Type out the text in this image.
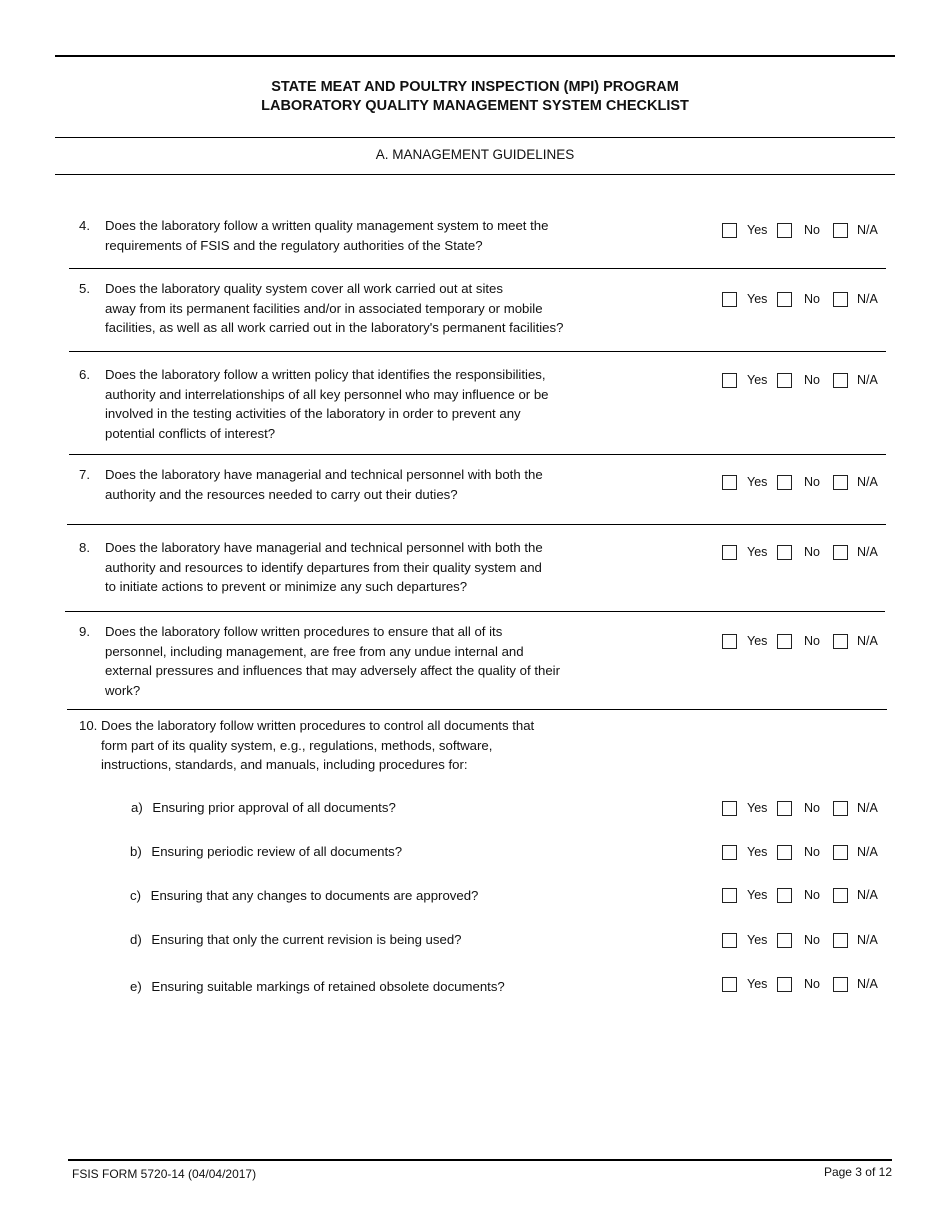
STATE MEAT AND POULTRY INSPECTION (MPI) PROGRAM
LABORATORY QUALITY MANAGEMENT SYSTEM CHECKLIST
A. MANAGEMENT GUIDELINES
4. Does the laboratory follow a written quality management system to meet the
requirements of FSIS and the regulatory authorities of the State?
Yes	No	N/A
5. Does the laboratory quality system cover all work carried out at sites
away from its permanent facilities and/or in associated temporary or mobile
facilities, as well as all work carried out in the laboratory's permanent facilities?
Yes	No	N/A
6. Does the laboratory follow a written policy that identifies the responsibilities,
authority and interrelationships of all key personnel who may influence or be
involved in the testing activities of the laboratory in order to prevent any
potential conflicts of interest?
Yes	No	N/A
7. Does the laboratory have managerial and technical personnel with both the
authority and the resources needed to carry out their duties?
Yes	No	N/A
8. Does the laboratory have managerial and technical personnel with both the
authority and resources to identify departures from their quality system and
to initiate actions to prevent or minimize any such departures?
Yes	No	N/A
9. Does the laboratory follow written procedures to ensure that all of its
personnel, including management, are free from any undue internal and
external pressures and influences that may adversely affect the quality of their
work?
Yes	No	N/A
10. Does the laboratory follow written procedures to control all documents that
form part of its quality system, e.g., regulations, methods, software,
instructions, standards, and manuals, including procedures for:
a) Ensuring prior approval of all documents?	Yes	No	N/A
b) Ensuring periodic review of all documents?	Yes	No	N/A
c) Ensuring that any changes to documents are approved?	Yes	No	N/A
d) Ensuring that only the current revision is being used?	Yes	No	N/A
e) Ensuring suitable markings of retained obsolete documents?	Yes	No	N/A
FSIS FORM 5720-14 (04/04/2017)	Page 3 of 12
